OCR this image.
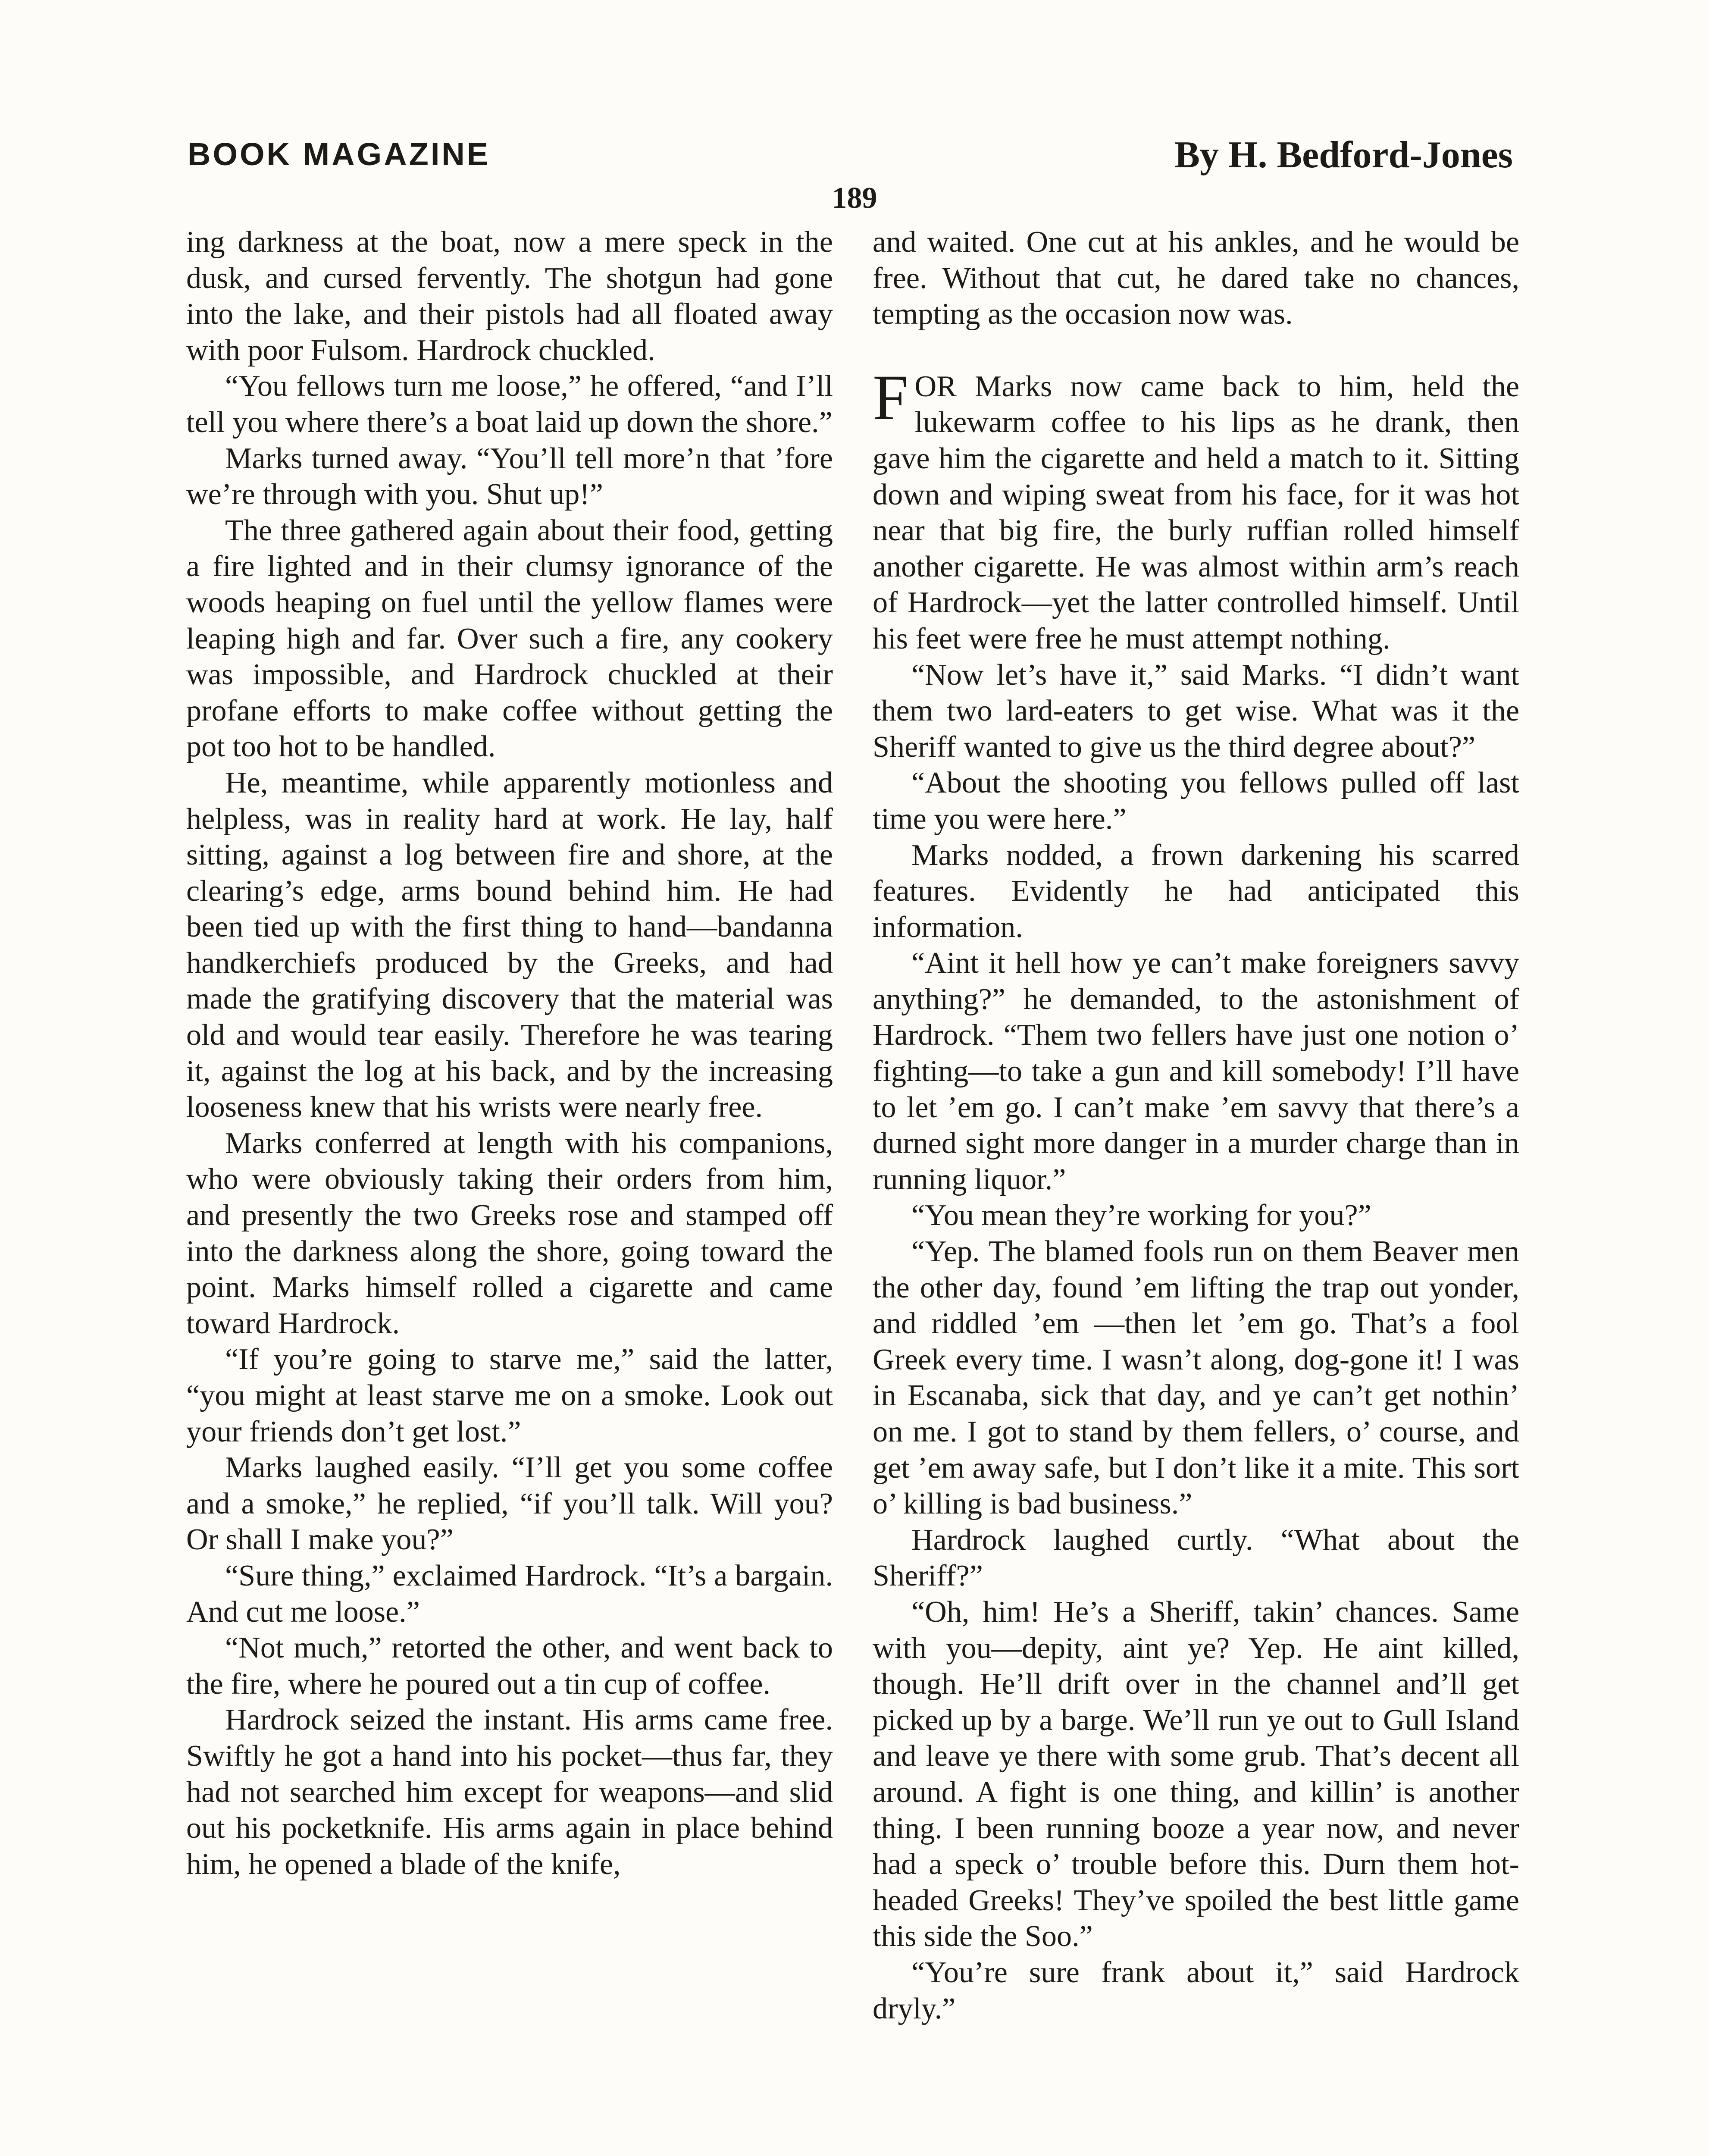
BOOK MAGAZINE	By H. Bedford-Jones
189

ing darkness at the boat, now a mere speck in the dusk, and cursed fervently. The shotgun had gone into the lake, and their pistols had all floated away with poor Fulsom. Hardrock chuckled.

“You fellows turn me loose,” he offered, “and I’ll tell you where there’s a boat laid up down the shore.”

Marks turned away. “You’ll tell more’n that ’fore we’re through with you. Shut up!”

The three gathered again about their food, getting a fire lighted and in their clumsy ignorance of the woods heaping on fuel until the yellow flames were leaping high and far. Over such a fire, any cookery was impossible, and Hardrock chuckled at their profane efforts to make coffee without getting the pot too hot to be handled.

He, meantime, while apparently motionless and helpless, was in reality hard at work. He lay, half sitting, against a log between fire and shore, at the clearing’s edge, arms bound behind him. He had been tied up with the first thing to hand—bandanna handkerchiefs produced by the Greeks, and had made the gratifying discovery that the material was old and would tear easily. Therefore he was tearing it, against the log at his back, and by the increasing looseness knew that his wrists were nearly free.

Marks conferred at length with his companions, who were obviously taking their orders from him, and presently the two Greeks rose and stamped off into the darkness along the shore, going toward the point. Marks himself rolled a cigarette and came toward Hardrock.

“If you’re going to starve me,” said the latter, “you might at least starve me on a smoke. Look out your friends don’t get lost.”

Marks laughed easily. “I’ll get you some coffee and a smoke,” he replied, “if you’ll talk. Will you? Or shall I make you?”

“Sure thing,” exclaimed Hardrock. “It’s a bargain. And cut me loose.”

“Not much,” retorted the other, and went back to the fire, where he poured out a tin cup of coffee.

Hardrock seized the instant. His arms came free. Swiftly he got a hand into his pocket—thus far, they had not searched him except for weapons—and slid out his pocketknife. His arms again in place behind him, he opened a blade of the knife,

and waited. One cut at his ankles, and he would be free. Without that cut, he dared take no chances, tempting as the occasion now was.

FOR Marks now came back to him, held the lukewarm coffee to his lips as he drank, then gave him the cigarette and held a match to it. Sitting down and wiping sweat from his face, for it was hot near that big fire, the burly ruffian rolled himself another cigarette. He was almost within arm’s reach of Hardrock—yet the latter controlled himself. Until his feet were free he must attempt nothing.

“Now let’s have it,” said Marks. “I didn’t want them two lard-eaters to get wise. What was it the Sheriff wanted to give us the third degree about?”

“About the shooting you fellows pulled off last time you were here.”

Marks nodded, a frown darkening his scarred features. Evidently he had anticipated this information.

“Aint it hell how ye can’t make foreigners savvy anything?” he demanded, to the astonishment of Hardrock. “Them two fellers have just one notion o’ fighting—to take a gun and kill somebody! I’ll have to let ’em go. I can’t make ’em savvy that there’s a durned sight more danger in a murder charge than in running liquor.”

“You mean they’re working for you?”

“Yep. The blamed fools run on them Beaver men the other day, found ’em lifting the trap out yonder, and riddled ’em —then let ’em go. That’s a fool Greek every time. I wasn’t along, dog-gone it! I was in Escanaba, sick that day, and ye can’t get nothin’ on me. I got to stand by them fellers, o’ course, and get ’em away safe, but I don’t like it a mite. This sort o’ killing is bad business.”

Hardrock laughed curtly. “What about the Sheriff?”

“Oh, him! He’s a Sheriff, takin’ chances. Same with you—depity, aint ye? Yep. He aint killed, though. He’ll drift over in the channel and’ll get picked up by a barge. We’ll run ye out to Gull Island and leave ye there with some grub. That’s decent all around. A fight is one thing, and killin’ is another thing. I been running booze a year now, and never had a speck o’ trouble before this. Durn them hot-headed Greeks! They’ve spoiled the best little game this side the Soo.”

“You’re sure frank about it,” said Hardrock dryly.”
